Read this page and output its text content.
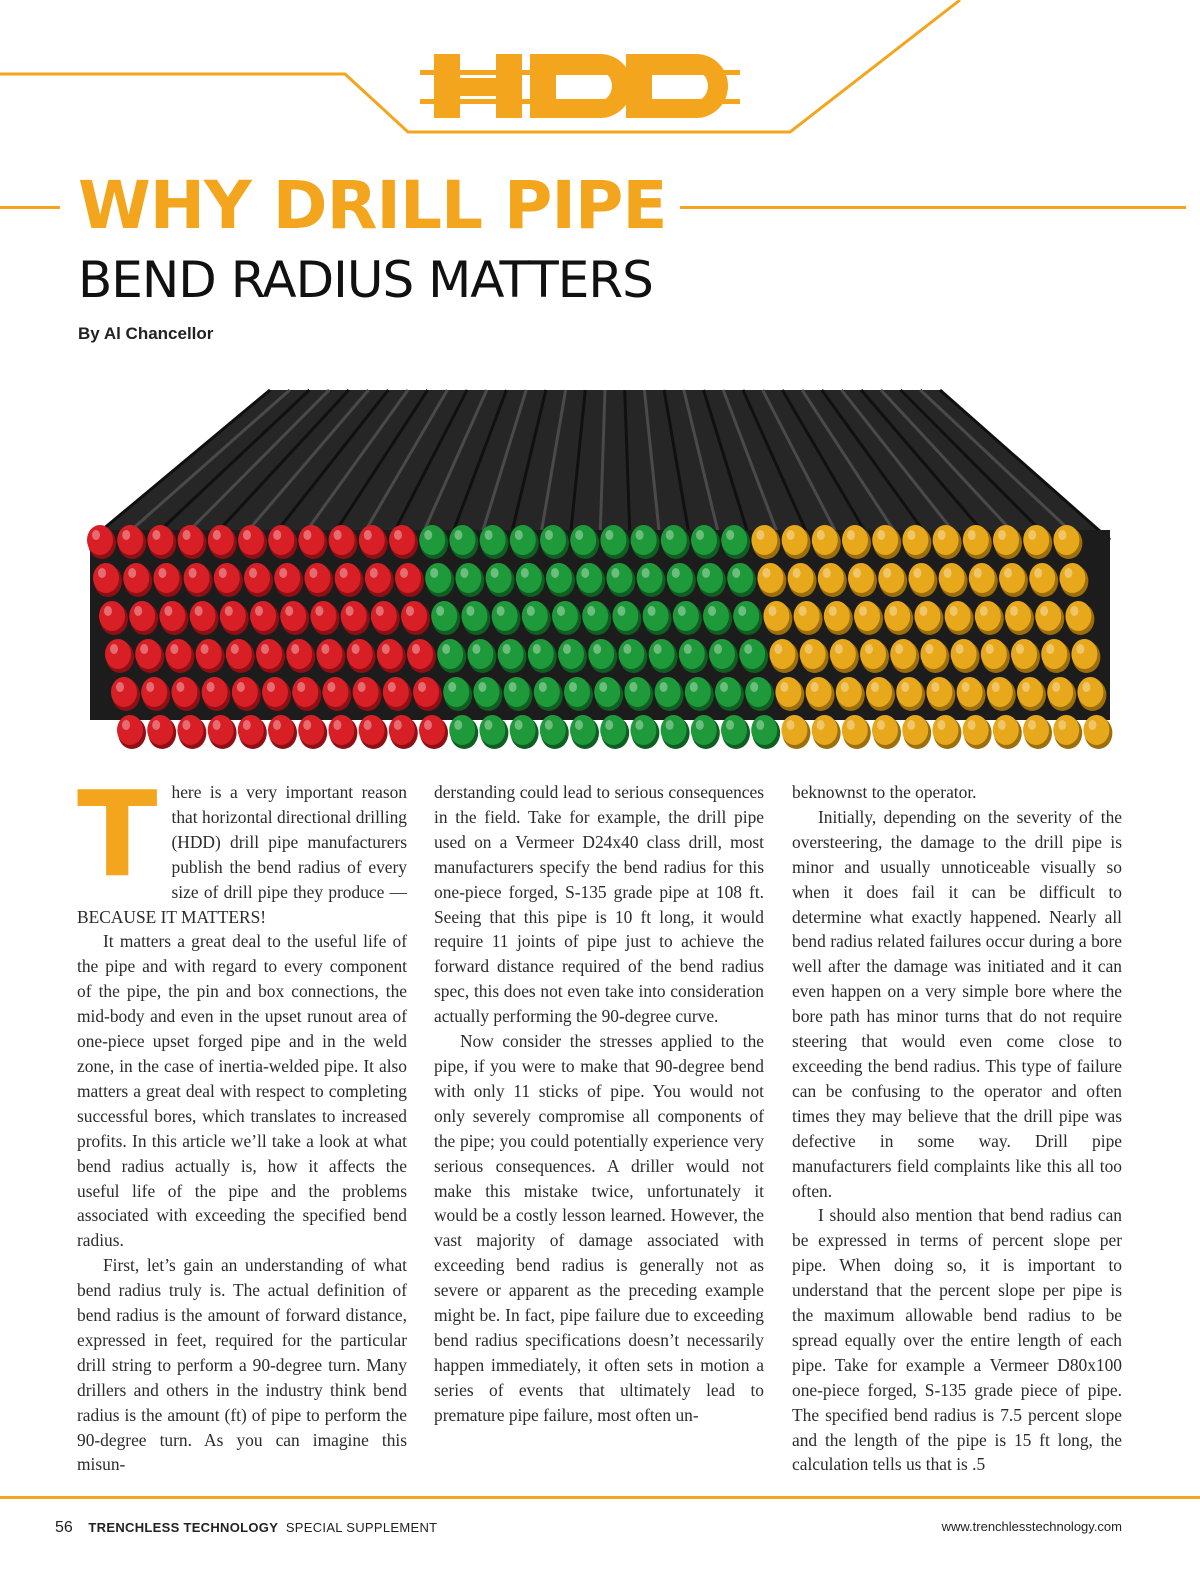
WHY DRILL PIPE
BEND RADIUS MATTERS
By Al Chancellor
T here is a very important reason that horizontal directional drilling (HDD) drill pipe manufacturers publish the bend radius of every size of drill pipe they produce — BECAUSE IT MATTERS!

It matters a great deal to the useful life of the pipe and with regard to every component of the pipe, the pin and box connections, the mid-body and even in the upset runout area of one-piece upset forged pipe and in the weld zone, in the case of inertia-welded pipe. It also matters a great deal with respect to completing successful bores, which translates to increased profits. In this article we’ll take a look at what bend radius actually is, how it affects the useful life of the pipe and the problems associated with exceeding the specified bend radius.

First, let’s gain an understanding of what bend radius truly is. The actual definition of bend radius is the amount of forward distance, expressed in feet, required for the particular drill string to perform a 90-degree turn. Many drillers and others in the industry think bend radius is the amount (ft) of pipe to perform the 90-degree turn. As you can imagine this misun-

derstanding could lead to serious consequences in the field. Take for example, the drill pipe used on a Vermeer D24x40 class drill, most manufacturers specify the bend radius for this one-piece forged, S-135 grade pipe at 108 ft. Seeing that this pipe is 10 ft long, it would require 11 joints of pipe just to achieve the forward distance required of the bend radius spec, this does not even take into consideration actually performing the 90-degree curve.

Now consider the stresses applied to the pipe, if you were to make that 90-degree bend with only 11 sticks of pipe. You would not only severely compromise all components of the pipe; you could potentially experience very serious consequences. A driller would not make this mistake twice, unfortunately it would be a costly lesson learned. However, the vast majority of damage associated with exceeding bend radius is generally not as severe or apparent as the preceding example might be. In fact, pipe failure due to exceeding bend radius specifications doesn’t necessarily happen immediately, it often sets in motion a series of events that ultimately lead to premature pipe failure, most often un-

beknownst to the operator.

Initially, depending on the severity of the oversteering, the damage to the drill pipe is minor and usually unnoticeable visually so when it does fail it can be difficult to determine what exactly happened. Nearly all bend radius related failures occur during a bore well after the damage was initiated and it can even happen on a very simple bore where the bore path has minor turns that do not require steering that would even come close to exceeding the bend radius. This type of failure can be confusing to the operator and often times they may believe that the drill pipe was defective in some way. Drill pipe manufacturers field complaints like this all too often.

I should also mention that bend radius can be expressed in terms of percent slope per pipe. When doing so, it is important to understand that the percent slope per pipe is the maximum allowable bend radius to be spread equally over the entire length of each pipe. Take for example a Vermeer D80x100 one-piece forged, S-135 grade piece of pipe. The specified bend radius is 7.5 percent slope and the length of the pipe is 15 ft long, the calculation tells us that is .5

56 TRENCHLESS TECHNOLOGY SPECIAL SUPPLEMENT	www.trenchlesstechnology.com
